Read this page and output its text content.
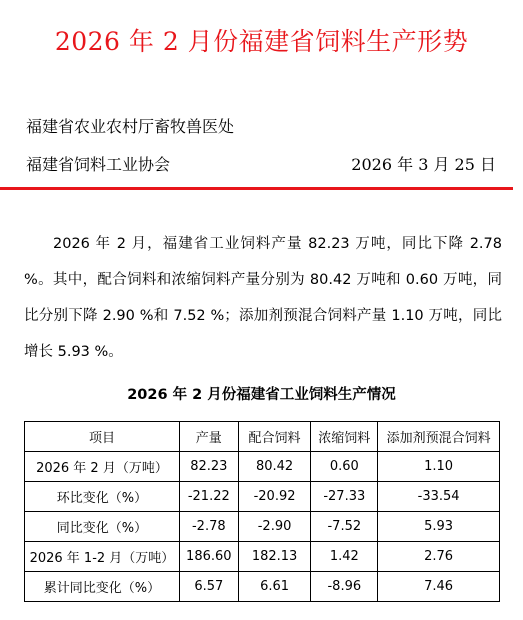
2026 年 2 月份福建省饲料生产形势
福建省农业农村厅畜牧兽医处
福建省饲料工业协会	2026 年 3 月 25 日
2026 年 2 月，福建省工业饲料产量 82.23 万吨，同比下降 2.78 %。其中，配合饲料和浓缩饲料产量分别为 80.42 万吨和 0.60 万吨，同比分别下降 2.90 %和 7.52 %；添加剂预混合饲料产量 1.10 万吨，同比增长 5.93 %。
2026 年 2 月份福建省工业饲料生产情况
项目	产量	配合饲料	浓缩饲料	添加剂预混合饲料
2026 年 2 月（万吨）	82.23	80.42	0.60	1.10
环比变化（%）	-21.22	-20.92	-27.33	-33.54
同比变化（%）	-2.78	-2.90	-7.52	5.93
2026 年 1-2 月（万吨）	186.60	182.13	1.42	2.76
累计同比变化（%）	6.57	6.61	-8.96	7.46
